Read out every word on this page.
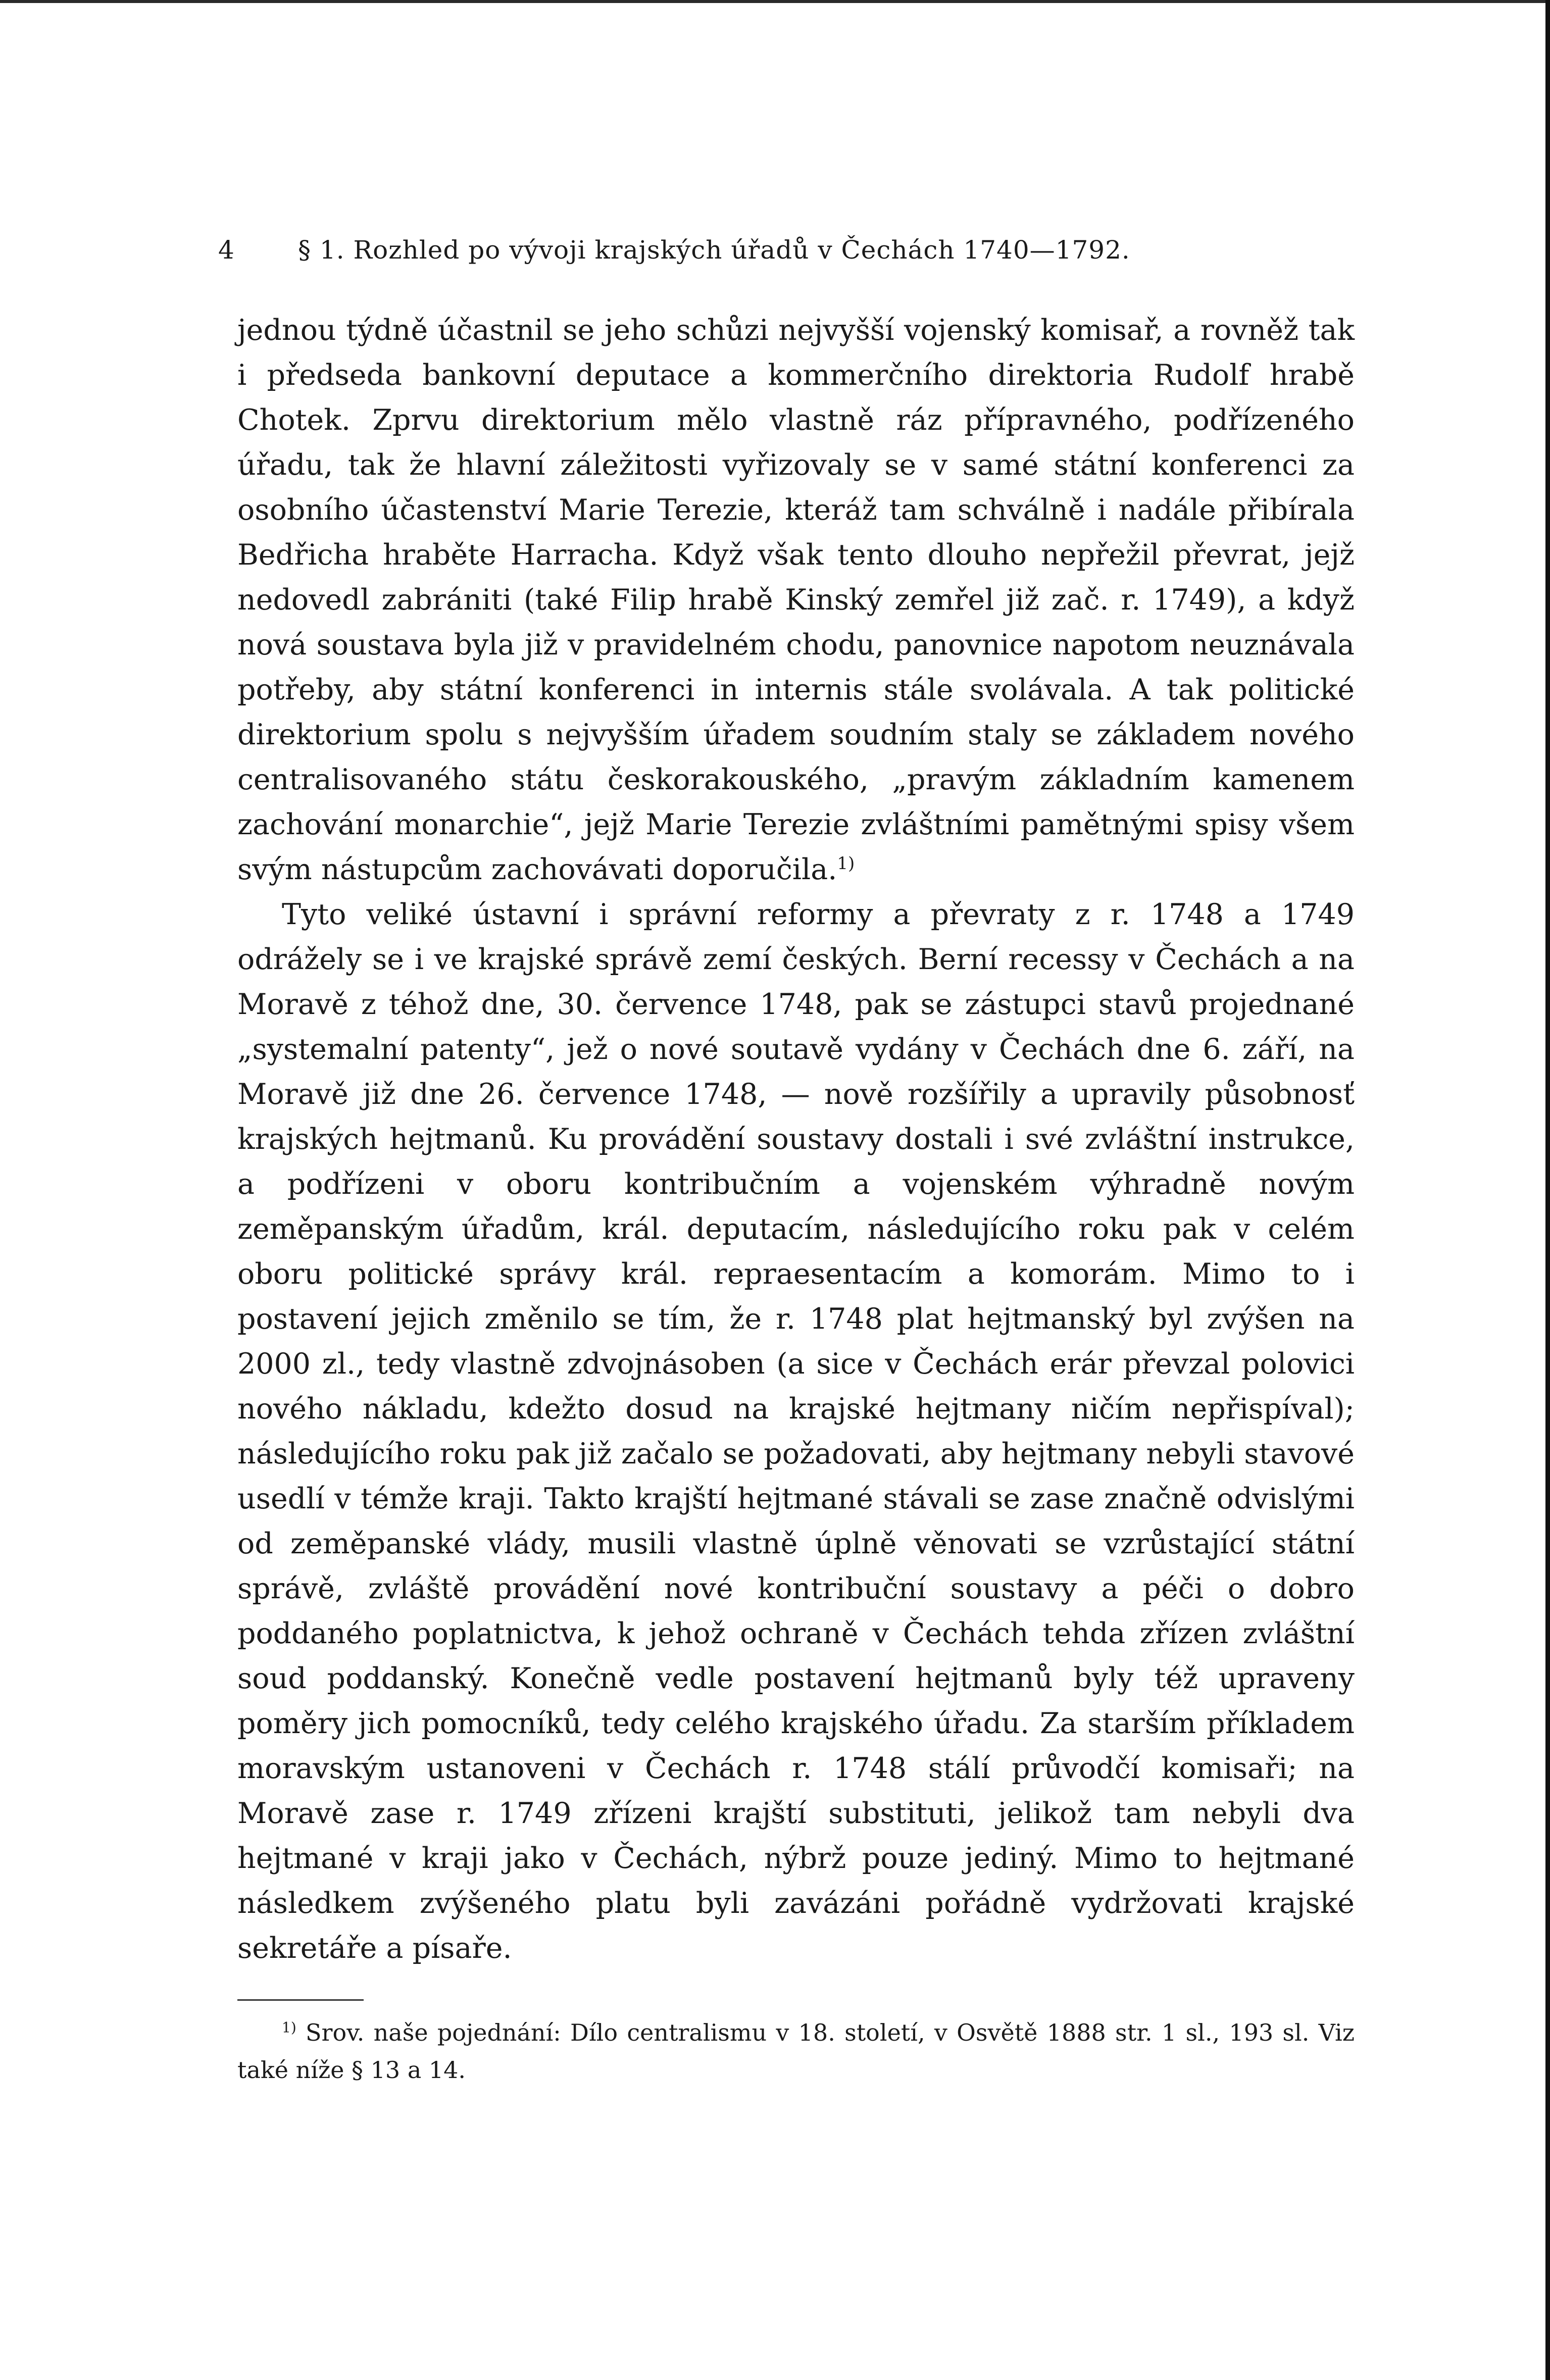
4	§ 1. Rozhled po vývoji krajských úřadů v Čechách 1740—1792.

jednou týdně účastnil se jeho schůzi nejvyšší vojenský komisař, a rovněž tak i předseda bankovní deputace a kommerčního direktoria Rudolf hrabě Chotek. Zprvu direktorium mělo vlastně ráz přípravného, podřízeného úřadu, tak že hlavní záležitosti vyřizovaly se v samé státní konferenci za osobního účastenství Marie Terezie, kteráž tam schválně i nadále přibírala Bedřicha hraběte Harracha. Když však tento dlouho nepřežil převrat, jejž nedovedl zabrániti (také Filip hrabě Kinský zemřel již zač. r. 1749), a když nová soustava byla již v pravidelném chodu, panovnice napotom neuznávala potřeby, aby státní konferenci in internis stále svolávala. A tak politické direktorium spolu s nejvyšším úřadem soudním staly se základem nového centralisovaného státu českorakouského, „pravým základním kamenem zachování monarchie“, jejž Marie Terezie zvláštními pamětnými spisy všem svým nástupcům zachovávati doporučila.$^{1)}$

Tyto veliké ústavní i správní reformy a převraty z r. 1748 a 1749 odrážely se i ve krajské správě zemí českých. Berní recessy v Čechách a na Moravě z téhož dne, 30. července 1748, pak se zástupci stavů projednané „systemalní patenty“, jež o nové soutavě vydány v Čechách dne 6. září, na Moravě již dne 26. července 1748, — nově rozšířily a upravily působnosť krajských hejtmanů. Ku provádění soustavy dostali i své zvláštní instrukce, a podřízeni v oboru kontribučním a vojenském výhradně novým zeměpanským úřadům, král. deputacím, následujícího roku pak v celém oboru politické správy král. repraesentacím a komorám. Mimo to i postavení jejich změnilo se tím, že r. 1748 plat hejtmanský byl zvýšen na 2000 zl., tedy vlastně zdvojnásoben (a sice v Čechách erár převzal polovici nového nákladu, kdežto dosud na krajské hejtmany ničím nepřispíval); následujícího roku pak již začalo se požadovati, aby hejtmany nebyli stavové usedlí v témže kraji. Takto krajští hejtmané stávali se zase značně odvislými od zeměpanské vlády, musili vlastně úplně věnovati se vzrůstající státní správě, zvláště provádění nové kontribuční soustavy a péči o dobro poddaného poplatnictva, k jehož ochraně v Čechách tehda zřízen zvláštní soud poddanský. Konečně vedle postavení hejtmanů byly též upraveny poměry jich pomocníků, tedy celého krajského úřadu. Za starším příkladem moravským ustanoveni v Čechách r. 1748 stálí průvodčí komisaři; na Moravě zase r. 1749 zřízeni krajští substituti, jelikož tam nebyli dva hejtmané v kraji jako v Čechách, nýbrž pouze jediný. Mimo to hejtmané následkem zvýšeného platu byli zavázáni pořádně vydržovati krajské sekretáře a písaře.

$^{1)}$ Srov. naše pojednání: Dílo centralismu v 18. století, v Osvětě 1888 str. 1 sl., 193 sl. Viz také níže § 13 a 14.
